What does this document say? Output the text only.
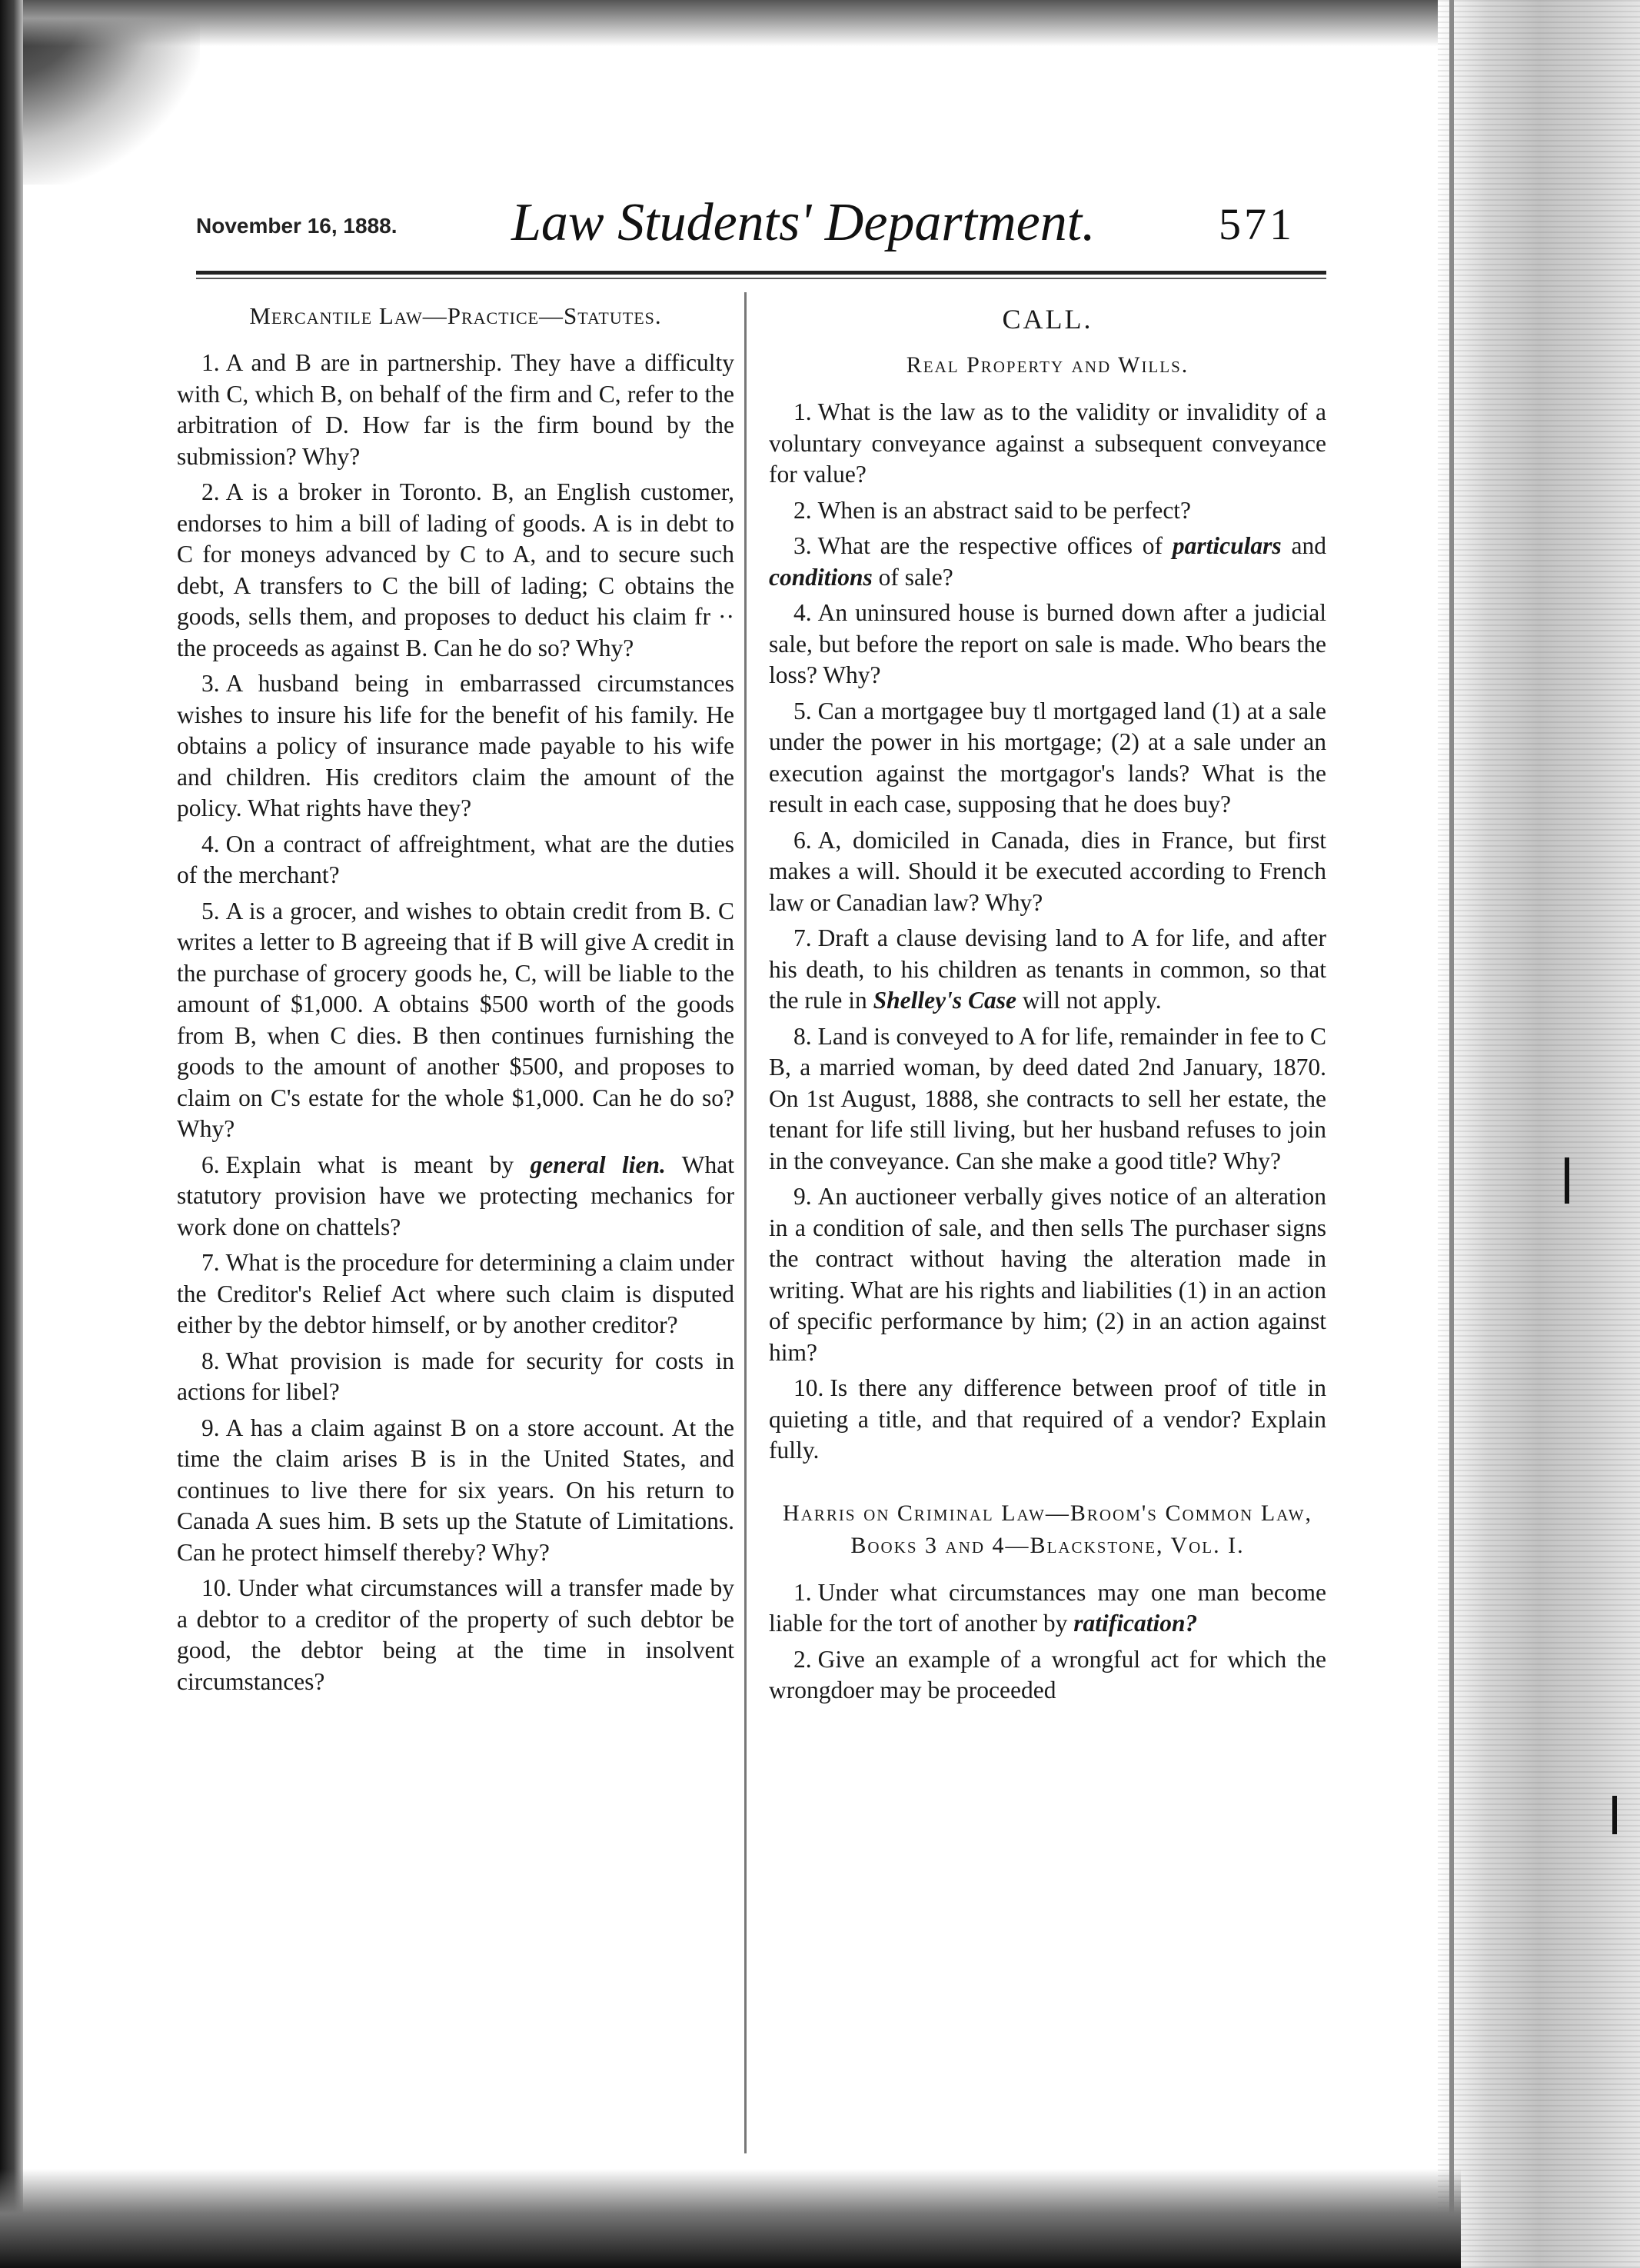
November 16, 1888. Law Students' Department.	571
Mercantile Law—Practice—Statutes.

1. A and B are in partnership. They have a difficulty with C, which B, on behalf of the firm and C, refer to the arbitration of D. How far is the firm bound by the submission? Why?

2. A is a broker in Toronto. B, an English customer, endorses to him a bill of lading of goods. A is in debt to C for moneys advanced by C to A, and to secure such debt, A transfers to C the bill of lading; C obtains the goods, sells them, and proposes to deduct his claim fr ·· the proceeds as against B. Can he do so? Why?

3. A husband being in embarrassed circumstances wishes to insure his life for the benefit of his family. He obtains a policy of insurance made payable to his wife and children. His creditors claim the amount of the policy. What rights have they?

4. On a contract of affreightment, what are the duties of the merchant?

5. A is a grocer, and wishes to obtain credit from B. C writes a letter to B agreeing that if B will give A credit in the purchase of grocery goods he, C, will be liable to the amount of $1,000. A obtains $500 worth of the goods from B, when C dies. B then continues furnishing the goods to the amount of another $500, and proposes to claim on C's estate for the whole $1,000. Can he do so? Why?

6. Explain what is meant by general lien. What statutory provision have we protecting mechanics for work done on chattels?

7. What is the procedure for determining a claim under the Creditor's Relief Act where such claim is disputed either by the debtor himself, or by another creditor?

8. What provision is made for security for costs in actions for libel?

9. A has a claim against B on a store account. At the time the claim arises B is in the United States, and continues to live there for six years. On his return to Canada A sues him. B sets up the Statute of Limitations. Can he protect himself thereby? Why?

10. Under what circumstances will a transfer made by a debtor to a creditor of the property of such debtor be good, the debtor being at the time in insolvent circumstances?

CALL.
Real Property and Wills.

1. What is the law as to the validity or invalidity of a voluntary conveyance against a subsequent conveyance for value?

2. When is an abstract said to be perfect?

3. What are the respective offices of particulars and conditions of sale?

4. An uninsured house is burned down after a judicial sale, but before the report on sale is made. Who bears the loss? Why?

5. Can a mortgagee buy tl mortgaged land (1) at a sale under the power in his mortgage; (2) at a sale under an execution against the mortgagor's lands? What is the result in each case, supposing that he does buy?

6. A, domiciled in Canada, dies in France, but first makes a will. Should it be executed according to French law or Canadian law? Why?

7. Draft a clause devising land to A for life, and after his death, to his children as tenants in common, so that the rule in Shelley's Case will not apply.

8. Land is conveyed to A for life, remainder in fee to C B, a married woman, by deed dated 2nd January, 1870. On 1st August, 1888, she contracts to sell her estate, the tenant for life still living, but her husband refuses to join in the conveyance. Can she make a good title? Why?

9. An auctioneer verbally gives notice of an alteration in a condition of sale, and then sells The purchaser signs the contract without having the alteration made in writing. What are his rights and liabilities (1) in an action of specific performance by him; (2) in an action against him?

10. Is there any difference between proof of title in quieting a title, and that required of a vendor? Explain fully.

Harris on Criminal Law—Broom's Common Law, Books 3 and 4—Blackstone, Vol. I.

1. Under what circumstances may one man become liable for the tort of another by ratification?

2. Give an example of a wrongful act for which the wrongdoer may be proceeded
